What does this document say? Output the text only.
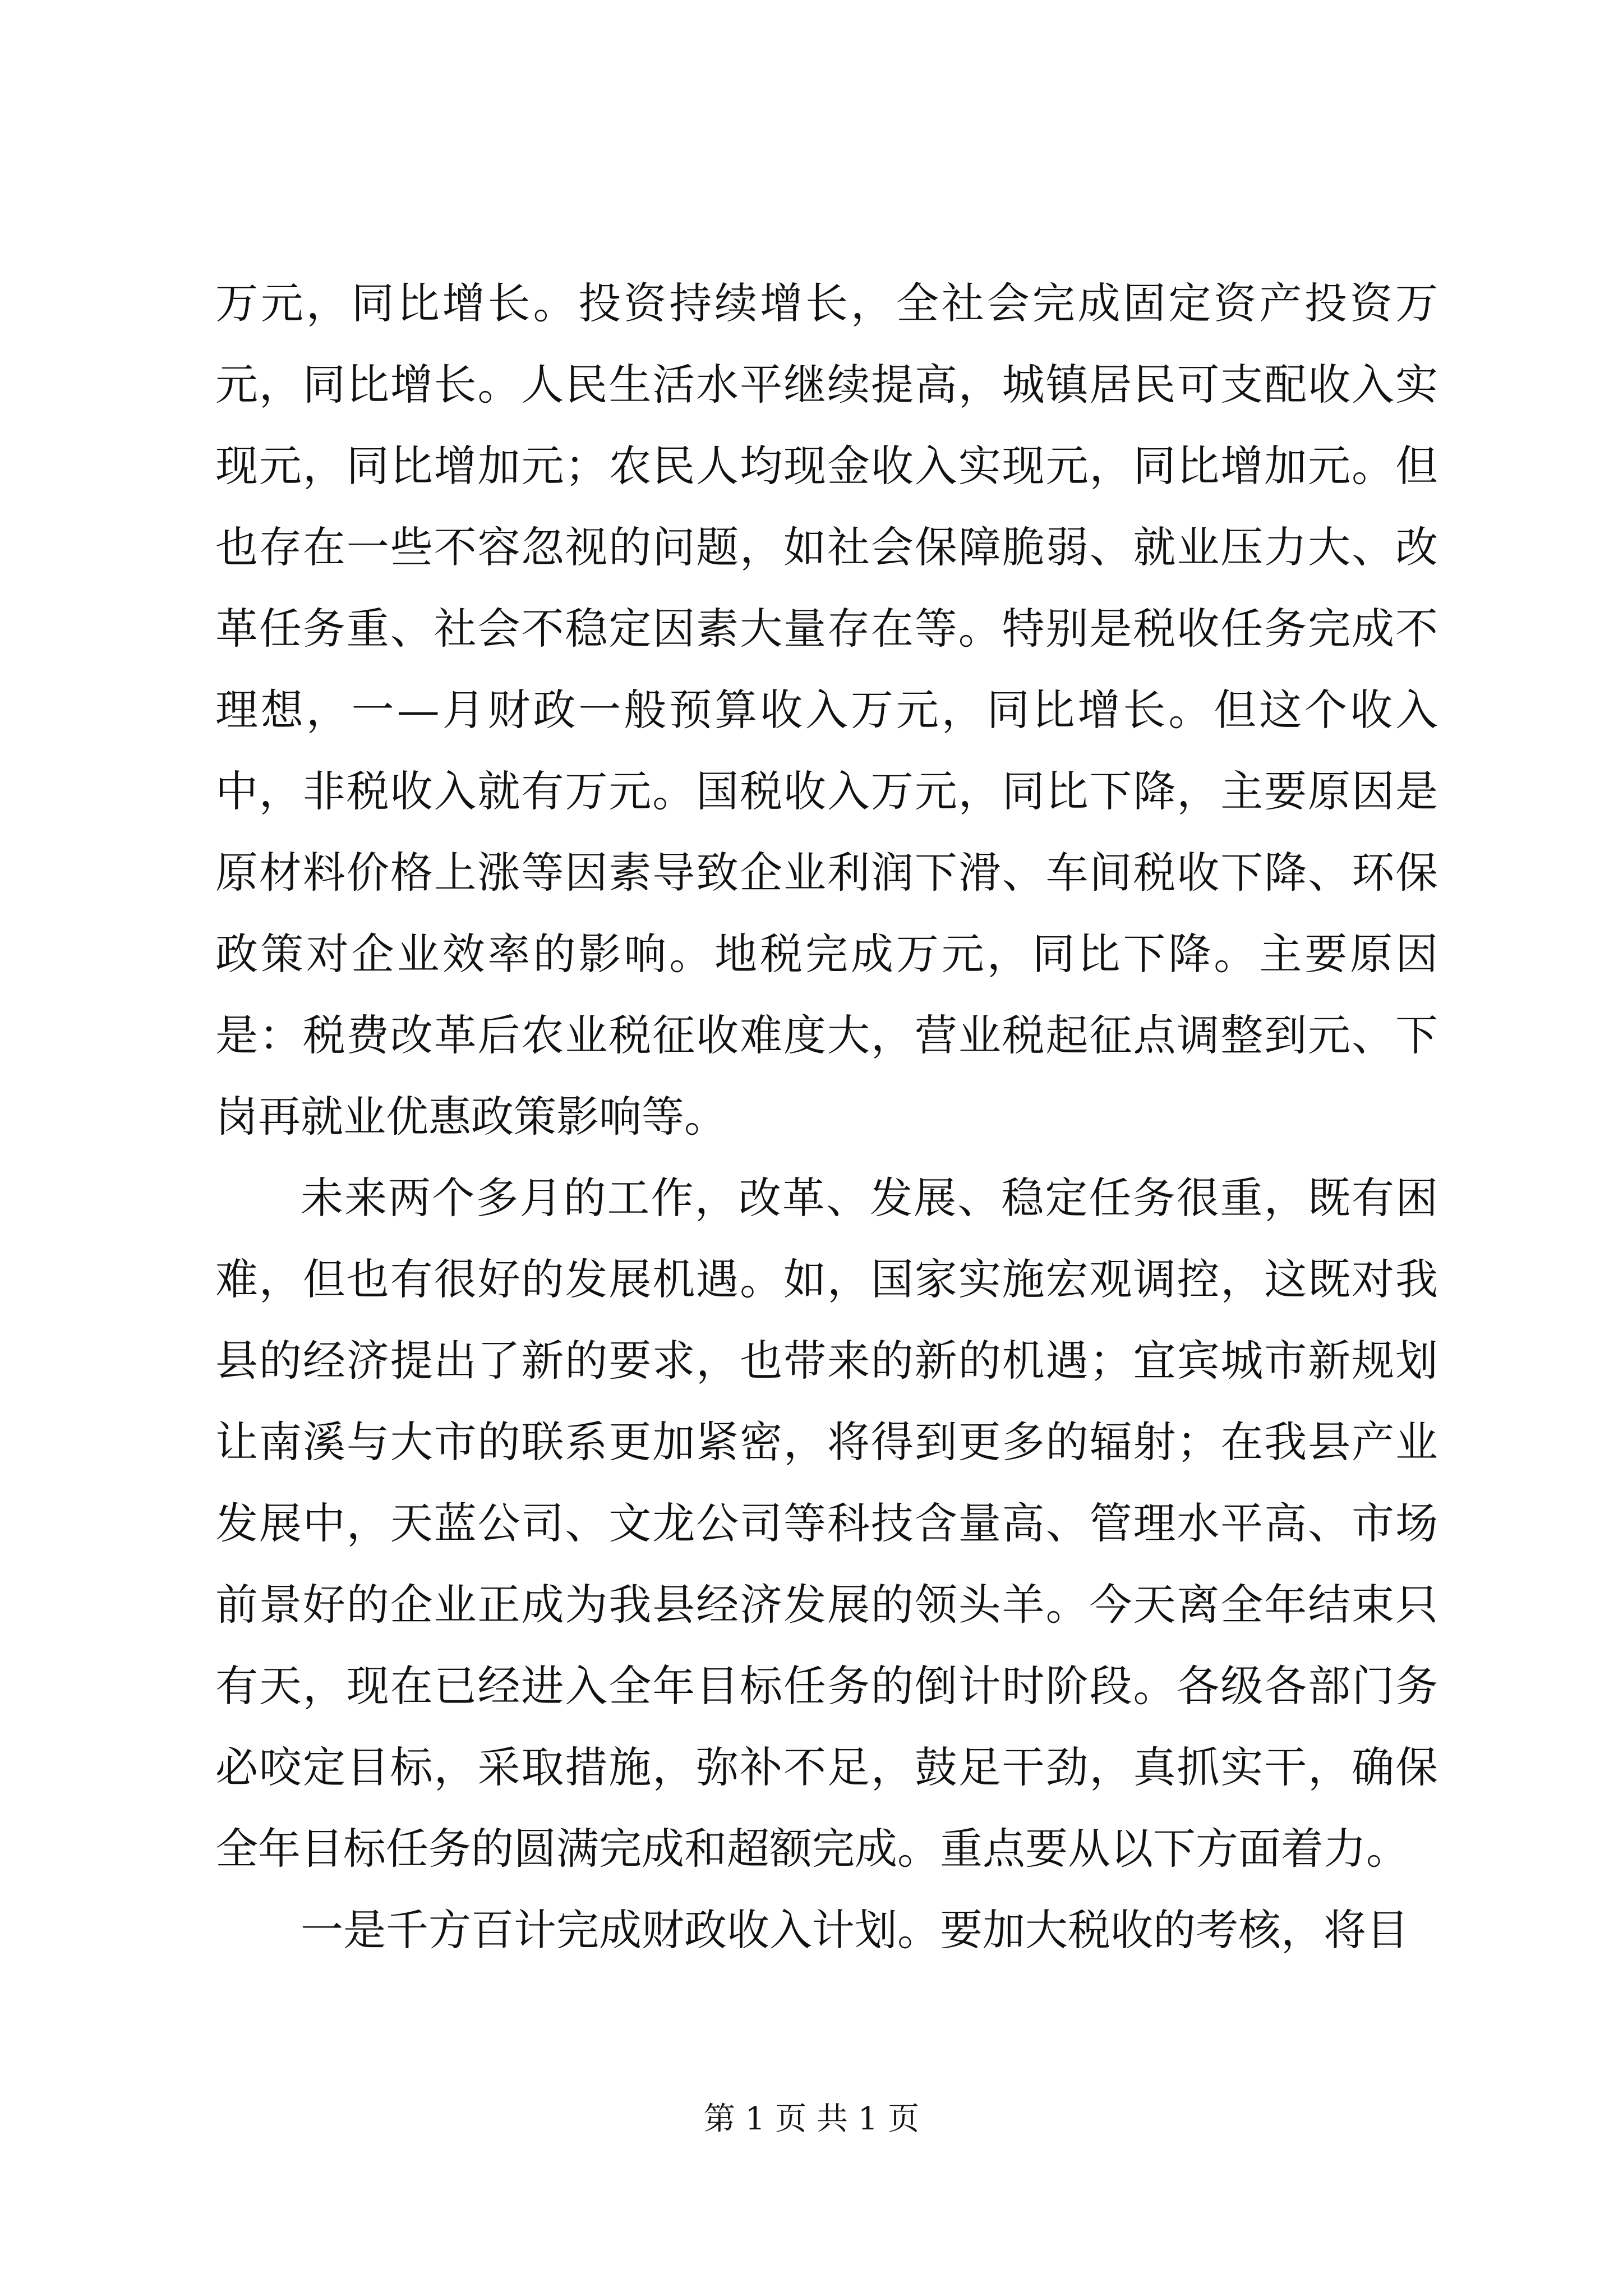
万元，同比增长。投资持续增长，全社会完成固定资产投资万元，同比增长。人民生活水平继续提高，城镇居民可支配收入实现元，同比增加元；农民人均现金收入实现元，同比增加元。但也存在一些不容忽视的问题，如社会保障脆弱、就业压力大、改革任务重、社会不稳定因素大量存在等。特别是税收任务完成不理想，一—月财政一般预算收入万元，同比增长。但这个收入中，非税收入就有万元。国税收入万元，同比下降，主要原因是原材料价格上涨等因素导致企业利润下滑、车间税收下降、环保政策对企业效率的影响。地税完成万元，同比下降。主要原因是：税费改革后农业税征收难度大，营业税起征点调整到元、下岗再就业优惠政策影响等。

未来两个多月的工作，改革、发展、稳定任务很重，既有困难，但也有很好的发展机遇。如，国家实施宏观调控，这既对我县的经济提出了新的要求，也带来的新的机遇；宜宾城市新规划让南溪与大市的联系更加紧密，将得到更多的辐射；在我县产业发展中，天蓝公司、文龙公司等科技含量高、管理水平高、市场前景好的企业正成为我县经济发展的领头羊。今天离全年结束只有天，现在已经进入全年目标任务的倒计时阶段。各级各部门务必咬定目标，采取措施，弥补不足，鼓足干劲，真抓实干，确保全年目标任务的圆满完成和超额完成。重点要从以下方面着力。

一是千方百计完成财政收入计划。要加大税收的考核，将目

第 1 页 共 1 页
